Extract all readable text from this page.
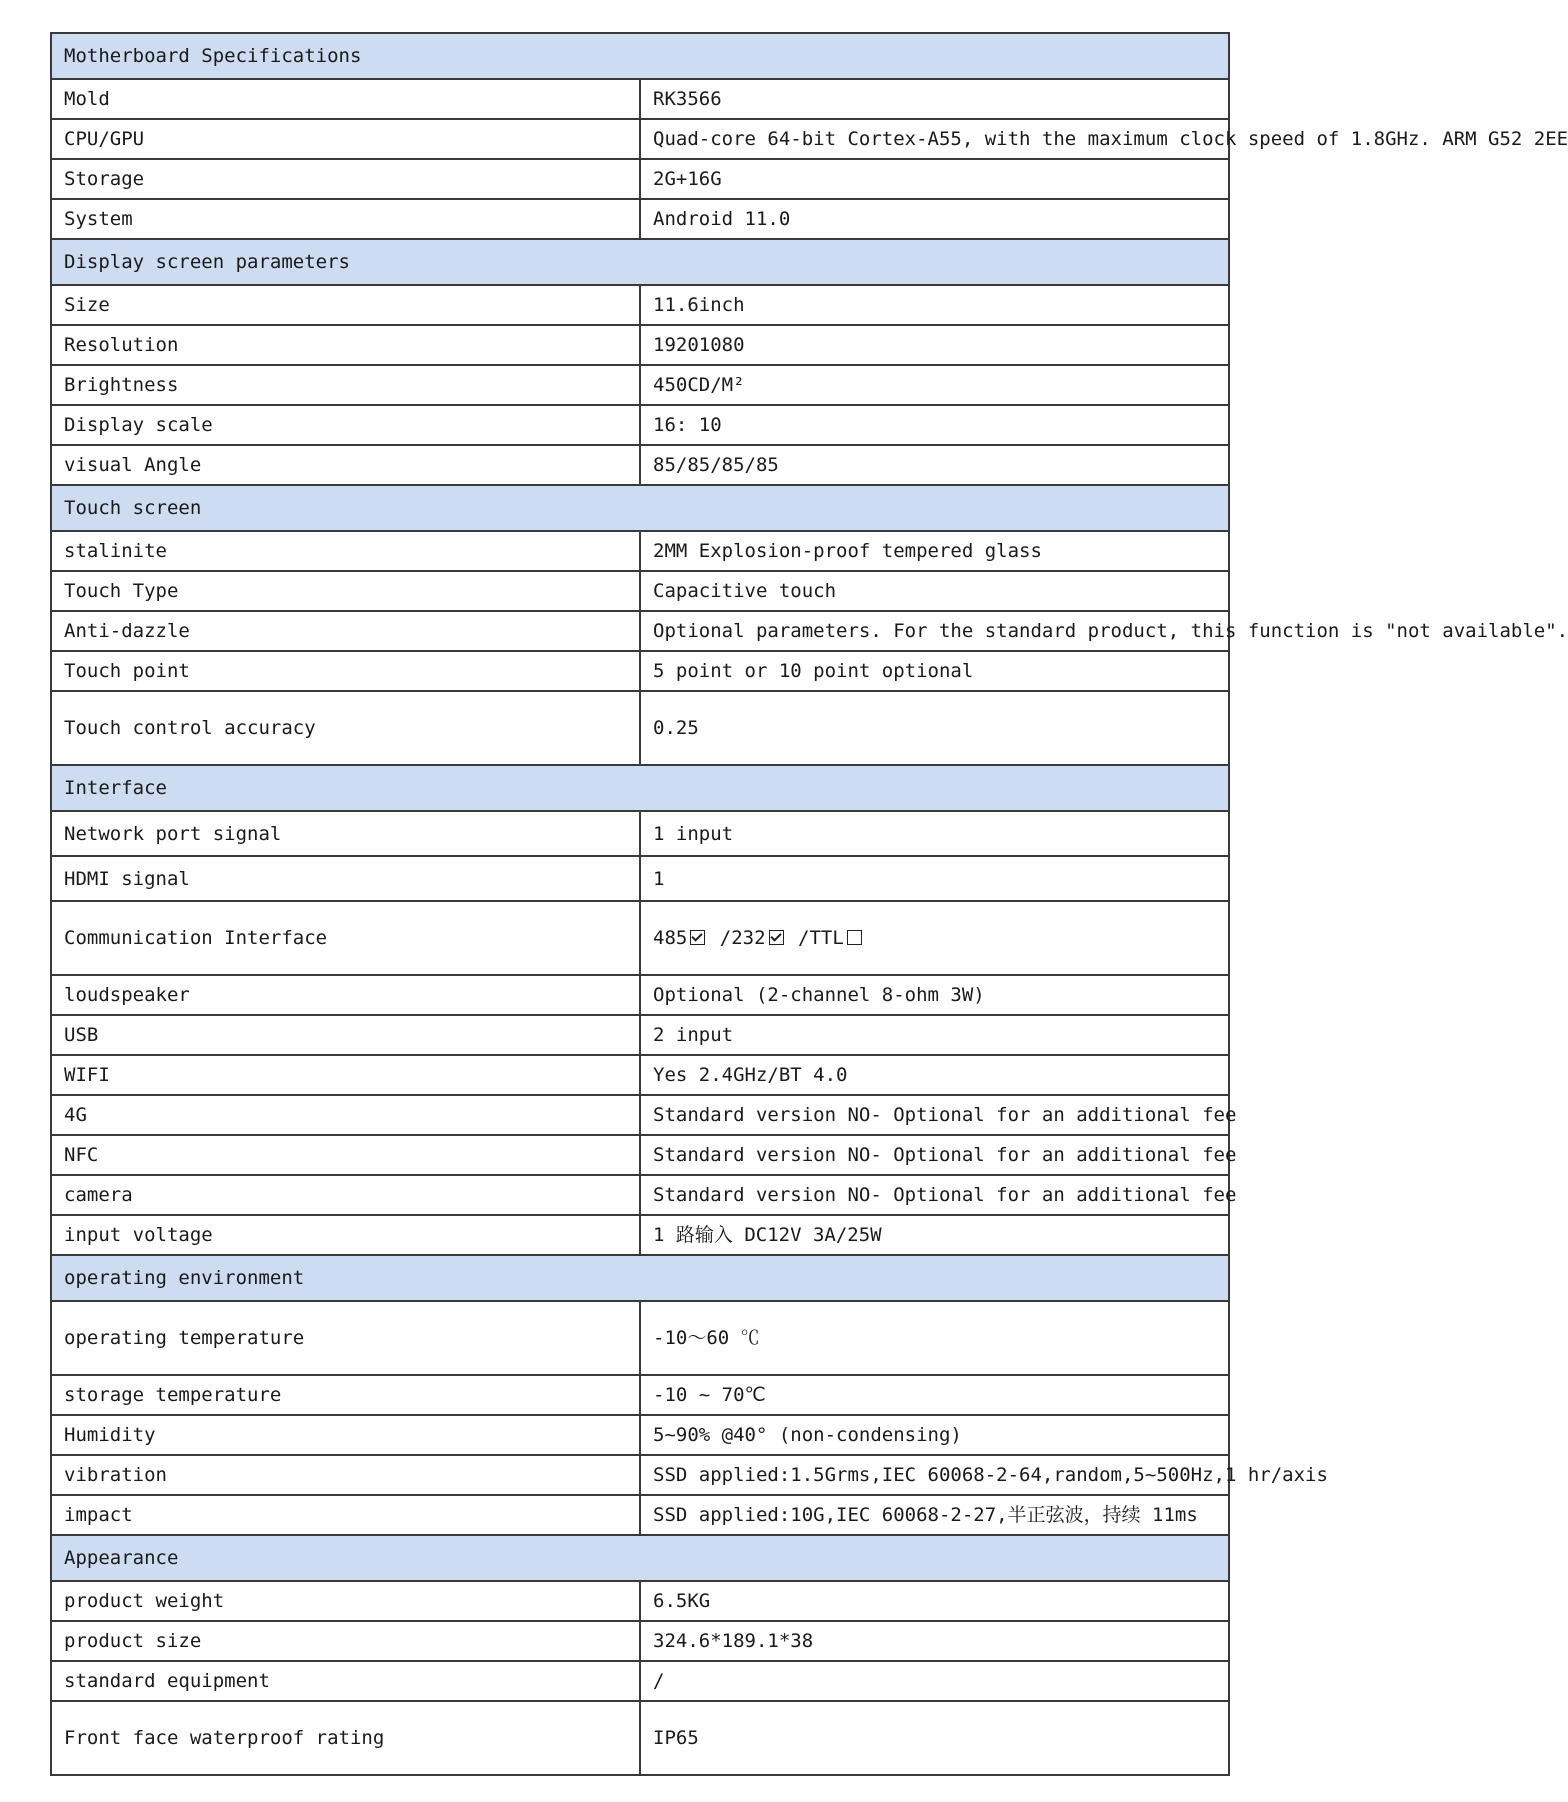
Motherboard Specifications	
Mold	RK3566
CPU/GPU	Quad-core 64-bit Cortex-A55, with the maximum clock speed of 1.8GHz. ARM G52 2EE
Storage	2G+16G
System	Android 11.0
Display screen parameters	
Size	11.6inch
Resolution	19201080
Brightness	450CD/M²
Display scale	16: 10
visual Angle	85/85/85/85
Touch screen	
stalinite	2MM Explosion-proof tempered glass
Touch Type	Capacitive touch
Anti-dazzle	Optional parameters. For the standard product, this function is "not available".
Touch point	5 point or 10 point optional
Touch control accuracy	0.25
Interface	
Network port signal	1 input
HDMI signal	1
Communication Interface	485 /232 /TTL
loudspeaker	Optional (2-channel 8-ohm 3W)
USB	2 input
WIFI	Yes 2.4GHz/BT 4.0
4G	Standard version NO- Optional for an additional fee
NFC	Standard version NO- Optional for an additional fee
camera	Standard version NO- Optional for an additional fee
input voltage	1 路输入 DC12V 3A/25W
operating environment	
operating temperature	-10～60 ℃
storage temperature	-10 ~ 70℃
Humidity	5~90% @40° (non-condensing)
vibration	SSD applied:1.5Grms,IEC 60068-2-64,random,5~500Hz,1 hr/axis
impact	SSD applied:10G,IEC 60068-2-27,半正弦波，持续 11ms
Appearance	
product weight	6.5KG
product size	324.6*189.1*38
standard equipment	/
Front face waterproof rating	IP65
